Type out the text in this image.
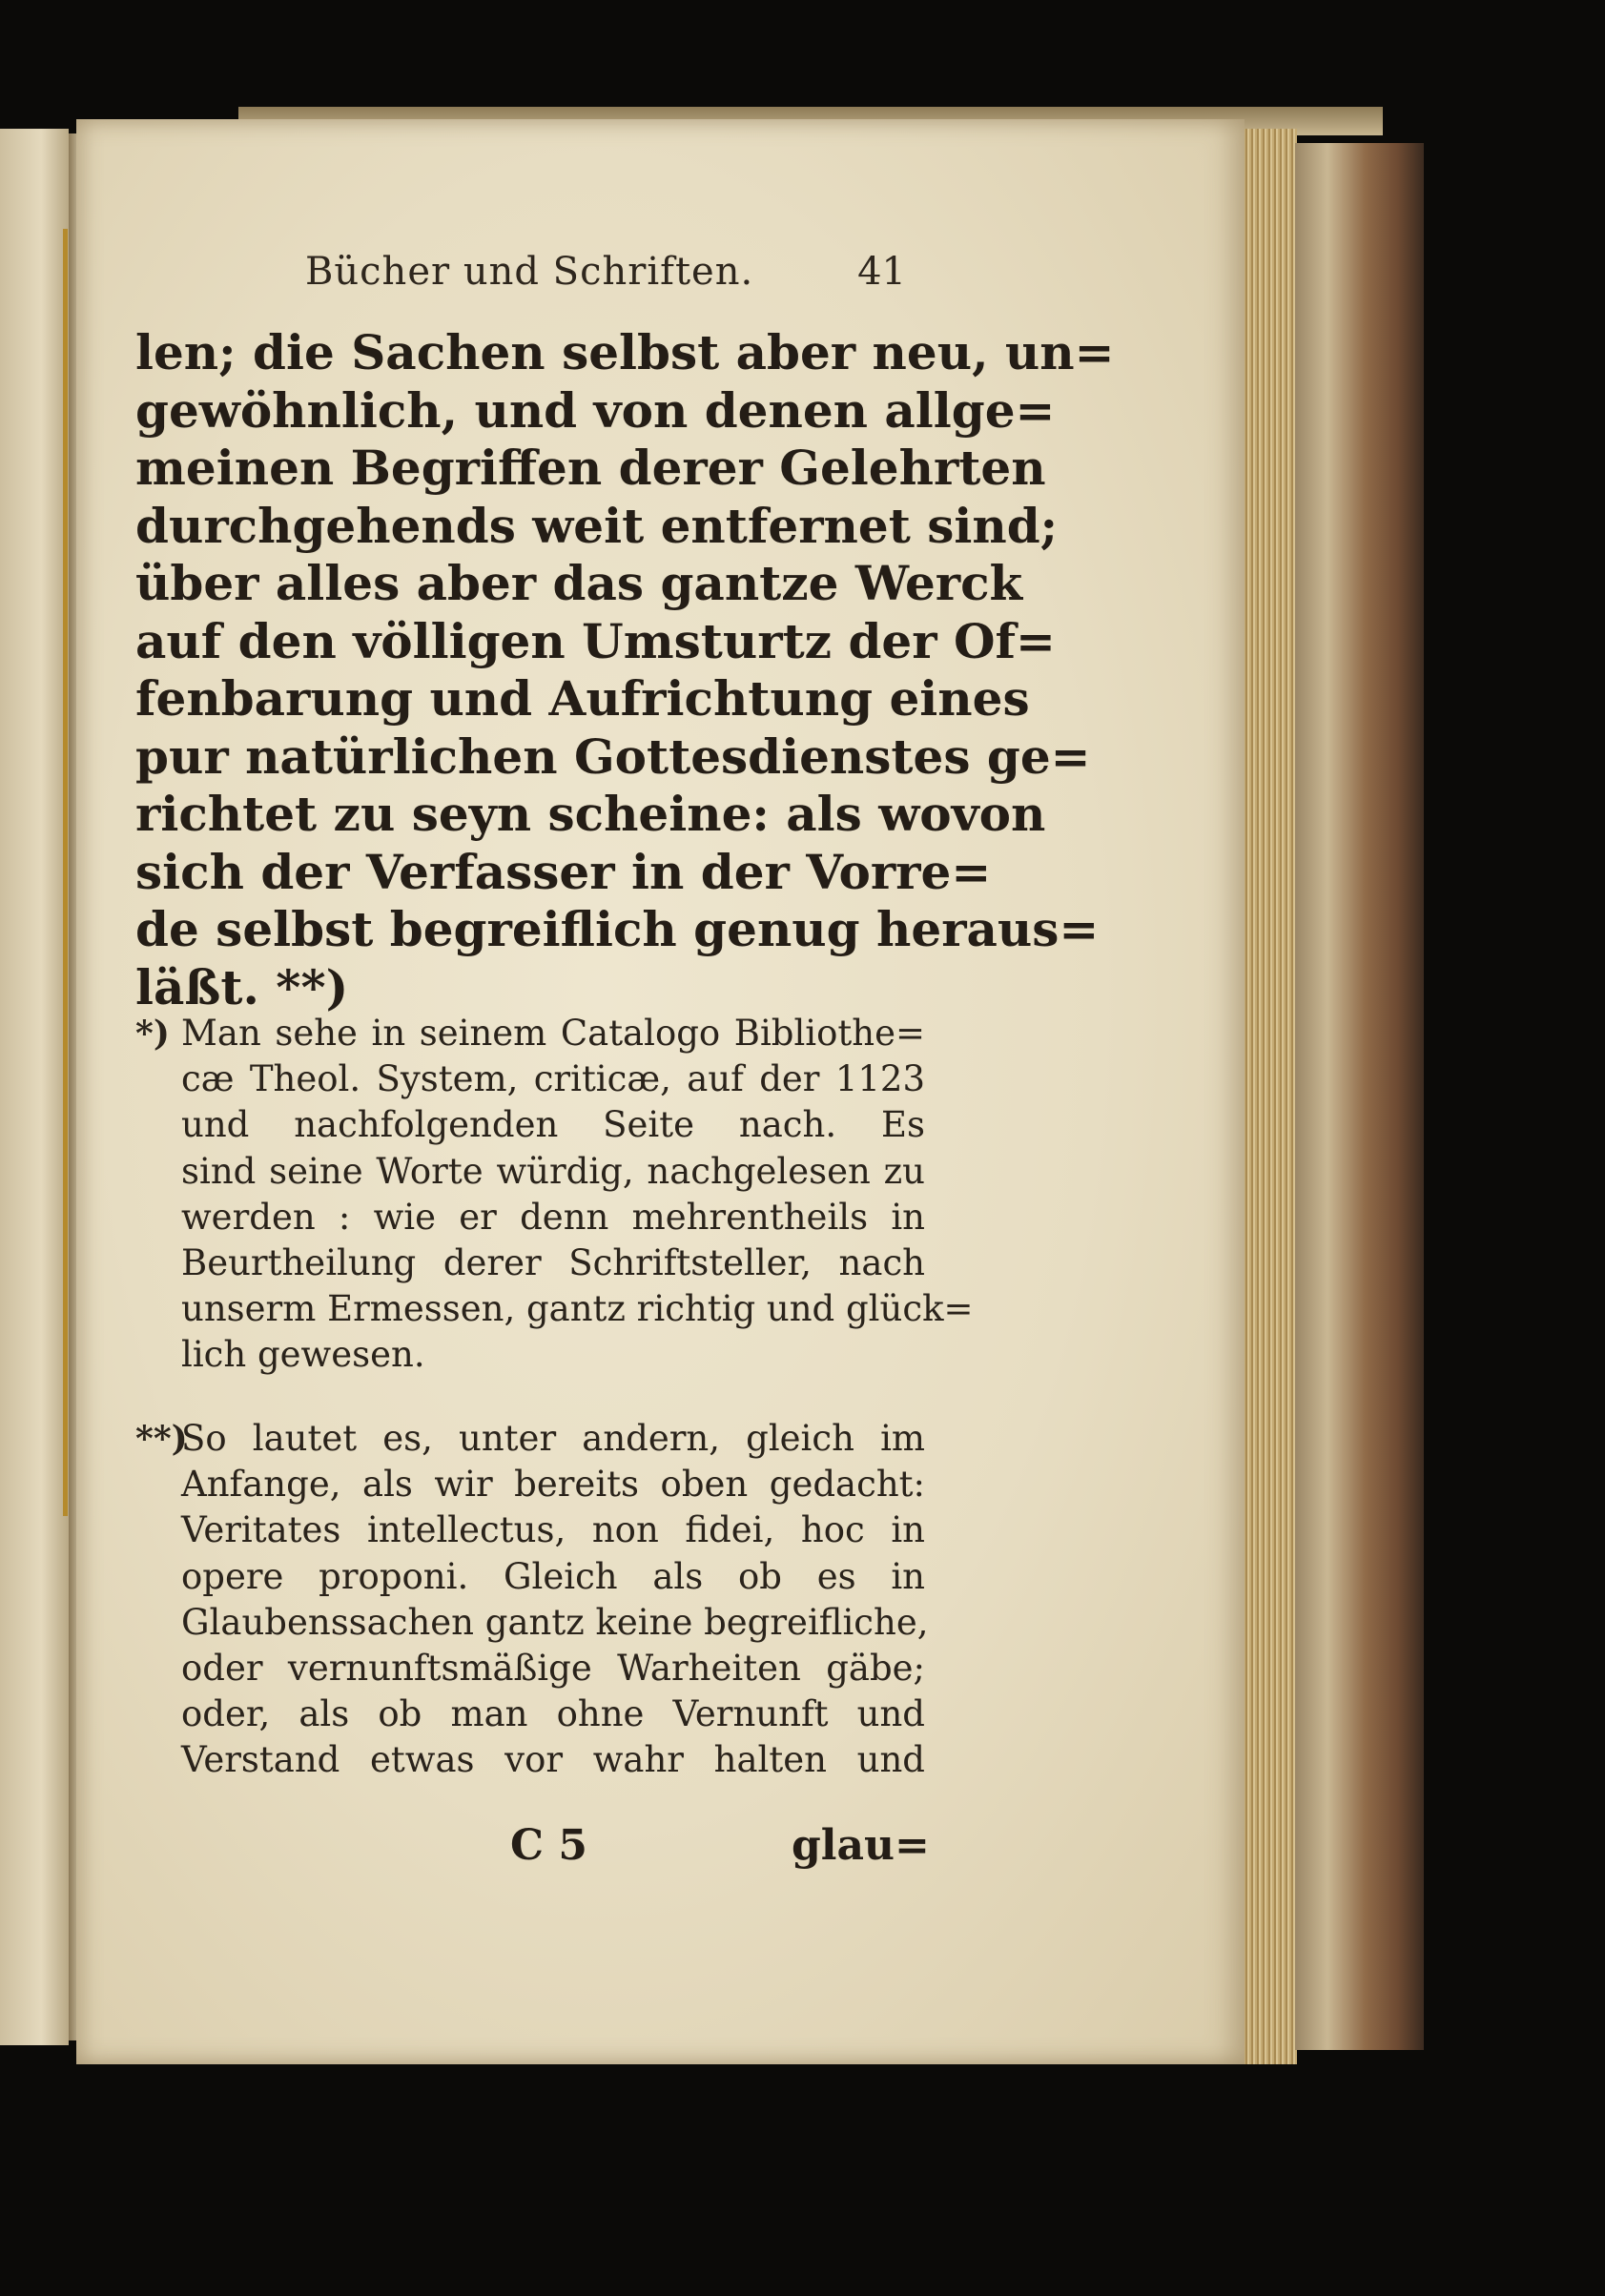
Bücher und Schriften.	41
len; die Sachen selbst aber neu, un=
gewöhnlich, und von denen allge=
meinen Begriffen derer Gelehrten
durchgehends weit entfernet sind;
über alles aber das gantze Werck
auf den völligen Umsturtz der Of=
fenbarung und Aufrichtung eines
pur natürlichen Gottesdienstes ge=
richtet zu seyn scheine: als wovon
sich der Verfasser in der Vorre=
de selbst begreiflich genug heraus=
läßt. **)
*) Man sehe in seinem Catalogo Bibliothe=
cæ Theol. System, criticæ, auf der 1123
und nachfolgenden Seite nach. Es
sind seine Worte würdig, nachgelesen zu
werden : wie er denn mehrentheils in
Beurtheilung derer Schriftsteller, nach
unserm Ermessen, gantz richtig und glück=
lich gewesen.
**)
So lautet es, unter andern, gleich im
Anfange, als wir bereits oben gedacht:
Veritates intellectus, non fidei, hoc in
opere proponi. Gleich als ob es in
Glaubenssachen gantz keine begreifliche,
oder vernunftsmäßige Warheiten gäbe;
oder, als ob man ohne Vernunft und
Verstand etwas vor wahr halten und
C 5	glau=
